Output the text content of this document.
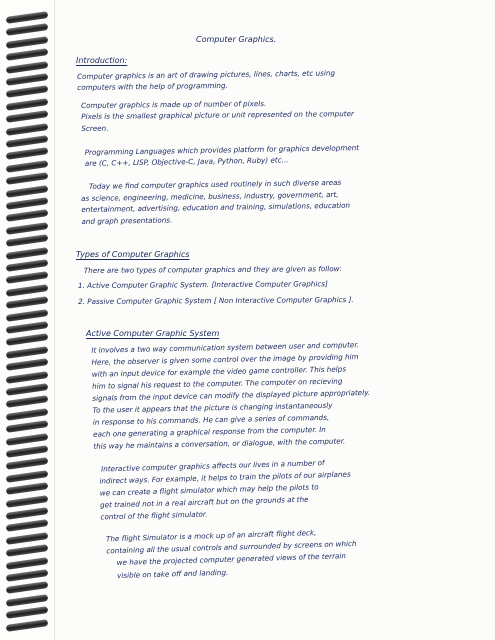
Computer Graphics.
Introduction:
Computer graphics is an art of drawing pictures, lines, charts, etc using
computers with the help of programming.
Computer graphics is made up of number of pixels.
Pixels is the smallest graphical picture or unit represented on the computer
Screen.
Programming Languages which provides platform for graphics development
are (C, C++, LISP, Objective-C, Java, Python, Ruby) etc...
Today we find computer graphics used routinely in such diverse areas
as science, engineering, medicine, business, industry, government, art,
entertainment, advertising, education and training, simulations, education
and graph presentations.
Types of Computer Graphics
There are two types of computer graphics and they are given as follow:
1. Active Computer Graphic System. [Interactive Computer Graphics]
2. Passive Computer Graphic System [ Non Interactive Computer Graphics ].
Active Computer Graphic System
It involves a two way communication system between user and computer.
Here, the observer is given some control over the image by providing him
with an input device for example the video game controller. This helps
him to signal his request to the computer. The computer on recieving
signals from the input device can modify the displayed picture appropriately.
To the user it appears that the picture is changing instantaneously
in response to his commands. He can give a series of commands,
each one generating a graphical response from the computer. In
this way he maintains a conversation, or dialogue, with the computer.
Interactive computer graphics affects our lives in a number of
indirect ways. For example, it helps to train the pilots of our airplanes
we can create a flight simulator which may help the pilots to
get trained not in a real aircraft but on the grounds at the
control of the flight simulator.
The flight Simulator is a mock up of an aircraft flight deck,
containing all the usual controls and surrounded by screens on which
we have the projected computer generated views of the terrain
visible on take off and landing.
